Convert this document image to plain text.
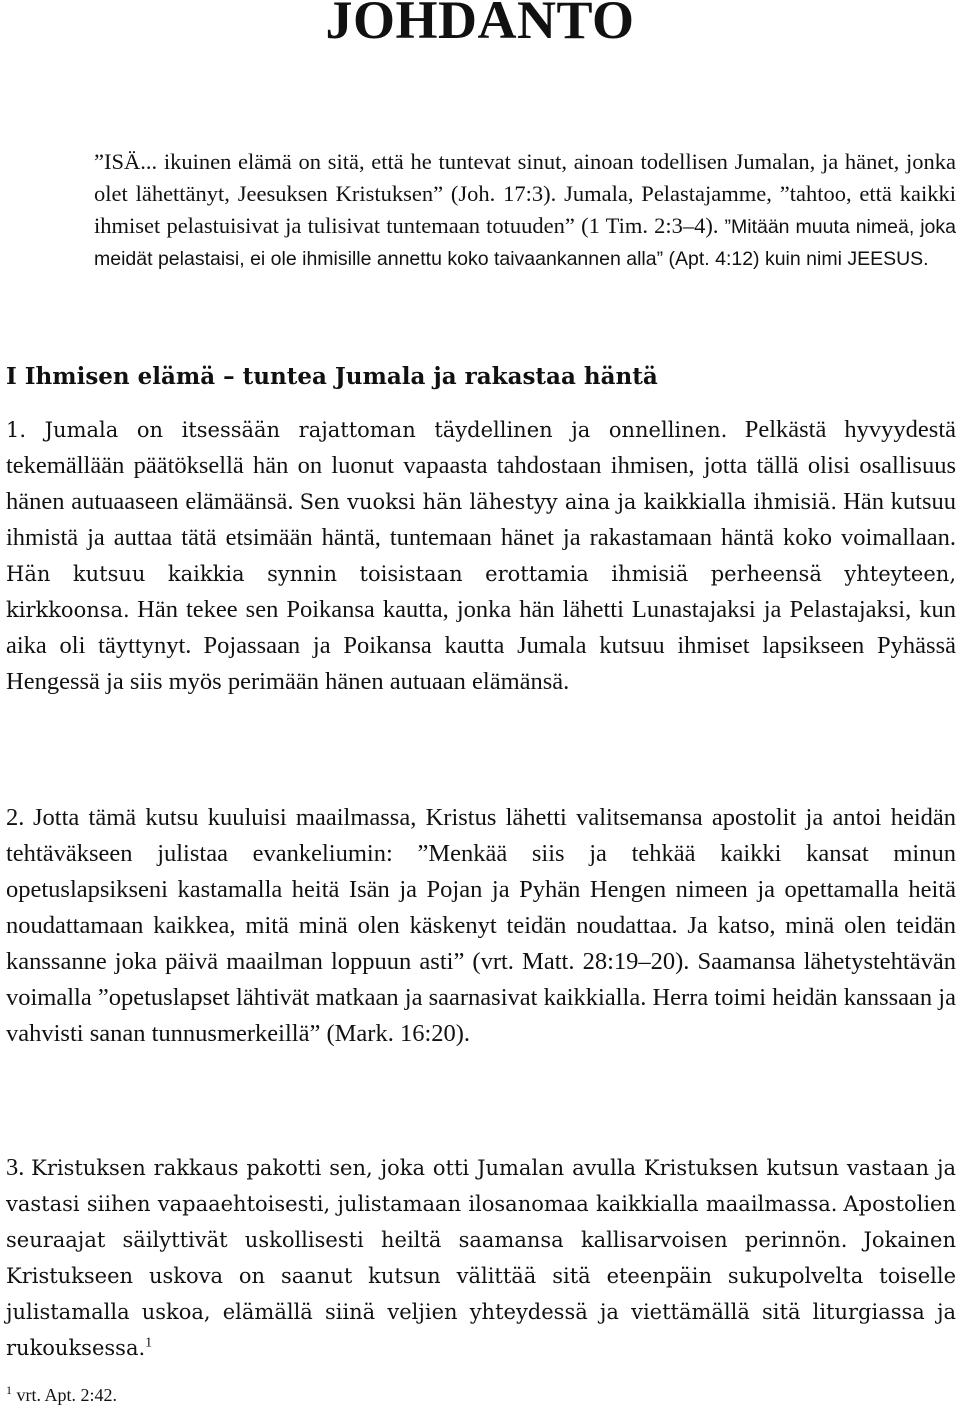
JOHDANTO

”ISÄ... ikuinen elämä on sitä, että he tuntevat sinut, ainoan todellisen Jumalan, ja hänet, jonka olet lähettänyt, Jeesuksen Kristuksen” (Joh. 17:3). Jumala, Pelastajamme, ”tahtoo, että kaikki ihmiset pelastuisivat ja tulisivat tuntemaan totuuden” (1 Tim. 2:3–4). ”Mitään muuta nimeä, joka meidät pelastaisi, ei ole ihmisille annettu koko taivaankannen alla” (Apt. 4:12) kuin nimi JEESUS.

I Ihmisen elämä – tuntea Jumala ja rakastaa häntä

1. Jumala on itsessään rajattoman täydellinen ja onnellinen. Pelkästä hyvyydestä tekemällään päätöksellä hän on luonut vapaasta tahdostaan ihmisen, jotta tällä olisi osallisuus hänen autuaaseen elämäänsä. Sen vuoksi hän lähestyy aina ja kaikkialla ihmisiä. Hän kutsuu ihmistä ja auttaa tätä etsimään häntä, tuntemaan hänet ja rakastamaan häntä koko voimallaan. Hän kutsuu kaikkia synnin toisistaan erottamia ihmisiä perheensä yhteyteen, kirkkoonsa. Hän tekee sen Poikansa kautta, jonka hän lähetti Lunastajaksi ja Pelastajaksi, kun aika oli täyttynyt. Pojassaan ja Poikansa kautta Jumala kutsuu ihmiset lapsikseen Pyhässä Hengessä ja siis myös perimään hänen autuaan elämänsä.

2. Jotta tämä kutsu kuuluisi maailmassa, Kristus lähetti valitsemansa apostolit ja antoi heidän tehtäväkseen julistaa evankeliumin: ”Menkää siis ja tehkää kaikki kansat minun opetuslapsikseni kastamalla heitä Isän ja Pojan ja Pyhän Hengen nimeen ja opettamalla heitä noudattamaan kaikkea, mitä minä olen käskenyt teidän noudattaa. Ja katso, minä olen teidän kanssanne joka päivä maailman loppuun asti” (vrt. Matt. 28:19–20). Saamansa lähetystehtävän voimalla ”opetuslapset lähtivät matkaan ja saarnasivat kaikkialla. Herra toimi heidän kanssaan ja vahvisti sanan tunnusmerkeillä” (Mark. 16:20).

3. Kristuksen rakkaus pakotti sen, joka otti Jumalan avulla Kristuksen kutsun vastaan ja vastasi siihen vapaaehtoisesti, julistamaan ilosanomaa kaikkialla maailmassa. Apostolien seuraajat säilyttivät uskollisesti heiltä saamansa kallisarvoisen perinnön. Jokainen Kristukseen uskova on saanut kutsun välittää sitä eteenpäin sukupolvelta toiselle julistamalla uskoa, elämällä siinä veljien yhteydessä ja viettämällä sitä liturgiassa ja rukouksessa.$^1$

$^1$ vrt. Apt. 2:42.
